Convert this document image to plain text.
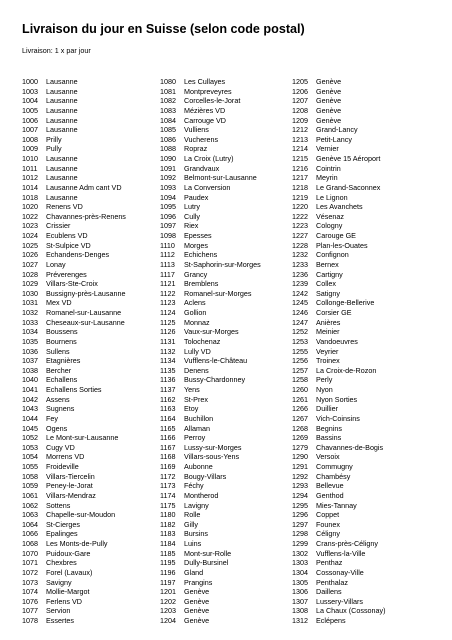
Livraison du jour en Suisse (selon code postal)
Livraison: 1 x par jour
1000 Lausanne
1003 Lausanne
1004 Lausanne
1005 Lausanne
1006 Lausanne
1007 Lausanne
1008 Prilly
1009 Pully
1010 Lausanne
1011 Lausanne
1012 Lausanne
1014 Lausanne Adm cant VD
1018 Lausanne
1020 Renens VD
1022 Chavannes-près-Renens
1023 Crissier
1024 Ecublens VD
1025 St-Sulpice VD
1026 Echandens-Denges
1027 Lonay
1028 Préverenges
1029 Villars-Ste-Croix
1030 Bussigny-près-Lausanne
1031 Mex VD
1032 Romanel-sur-Lausanne
1033 Cheseaux-sur-Lausanne
1034 Boussens
1035 Bournens
1036 Sullens
1037 Etagnières
1038 Bercher
1040 Echallens
1041 Echallens Sorties
1042 Assens
1043 Sugnens
1044 Fey
1045 Ogens
1052 Le Mont-sur-Lausanne
1053 Cugy VD
1054 Morrens VD
1055 Froideville
1058 Villars-Tiercelin
1059 Peney-le-Jorat
1061 Villars-Mendraz
1062 Sottens
1063 Chapelle-sur-Moudon
1064 St-Cierges
1066 Epalinges
1068 Les Monts-de-Pully
1070 Puidoux-Gare
1071 Chexbres
1072 Forel (Lavaux)
1073 Savigny
1074 Mollie-Margot
1076 Ferlens VD
1077 Servion
1078 Essertes
1080 Les Cullayes
1081 Montpreveyres
1082 Corcelles-le-Jorat
1083 Mézières VD
1084 Carrouge VD
1085 Vulliens
1086 Vucherens
1088 Ropraz
1090 La Croix (Lutry)
1091 Grandvaux
1092 Belmont-sur-Lausanne
1093 La Conversion
1094 Paudex
1095 Lutry
1096 Cully
1097 Riex
1098 Epesses
1110 Morges
1112 Echichens
1113 St-Saphorin-sur-Morges
1117 Grancy
1121 Bremblens
1122 Romanel-sur-Morges
1123 Aclens
1124 Gollion
1125 Monnaz
1126 Vaux-sur-Morges
1131 Tolochenaz
1132 Lully VD
1134 Vufflens-le-Château
1135 Denens
1136 Bussy-Chardonney
1137 Yens
1162 St-Prex
1163 Etoy
1164 Buchillon
1165 Allaman
1166 Perroy
1167 Lussy-sur-Morges
1168 Villars-sous-Yens
1169 Aubonne
1172 Bougy-Villars
1173 Féchy
1174 Montherod
1175 Lavigny
1180 Rolle
1182 Gilly
1183 Bursins
1184 Luins
1185 Mont-sur-Rolle
1195 Dully-Bursinel
1196 Gland
1197 Prangins
1201 Genève
1202 Genève
1203 Genève
1204 Genève
1205 Genève
1206 Genève
1207 Genève
1208 Genève
1209 Genève
1212 Grand-Lancy
1213 Petit-Lancy
1214 Vernier
1215 Genève 15 Aéroport
1216 Cointrin
1217 Meyrin
1218 Le Grand-Saconnex
1219 Le Lignon
1220 Les Avanchets
1222 Vésenaz
1223 Cologny
1227 Carouge GE
1228 Plan-les-Ouates
1232 Confignon
1233 Bernex
1236 Cartigny
1239 Collex
1242 Satigny
1245 Collonge-Bellerive
1246 Corsier GE
1247 Anières
1252 Meinier
1253 Vandoeuvres
1255 Veyrier
1256 Troinex
1257 La Croix-de-Rozon
1258 Perly
1260 Nyon
1261 Nyon Sorties
1266 Duillier
1267 Vich-Coinsins
1268 Begnins
1269 Bassins
1279 Chavannes-de-Bogis
1290 Versoix
1291 Commugny
1292 Chambésy
1293 Bellevue
1294 Genthod
1295 Mies-Tannay
1296 Coppet
1297 Founex
1298 Céligny
1299 Crans-près-Céligny
1302 Vufflens-la-Ville
1303 Penthaz
1304 Cossonay-Ville
1305 Penthalaz
1306 Daillens
1307 Lussery-Villars
1308 La Chaux (Cossonay)
1312 Eclépens
